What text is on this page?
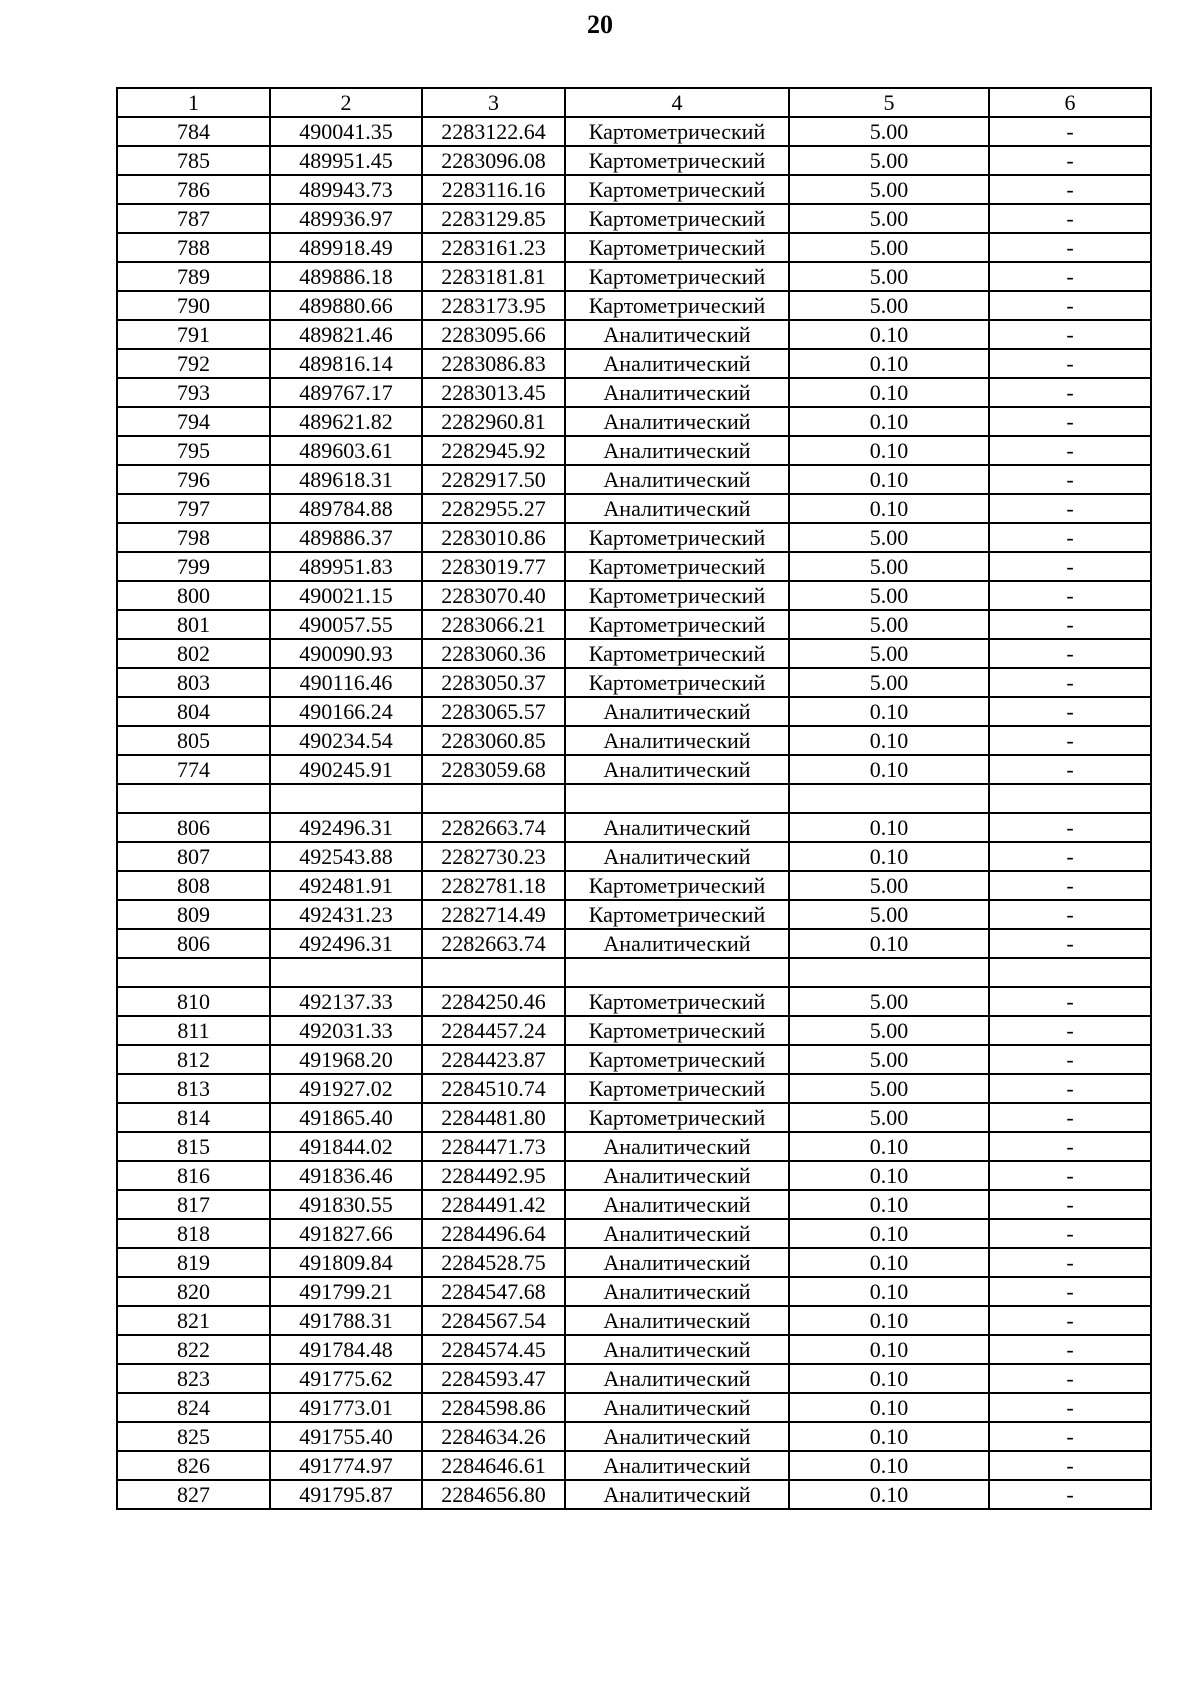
20
1	2	3	4	5	6
784	490041.35	2283122.64	Картометрический	5.00	-
785	489951.45	2283096.08	Картометрический	5.00	-
786	489943.73	2283116.16	Картометрический	5.00	-
787	489936.97	2283129.85	Картометрический	5.00	-
788	489918.49	2283161.23	Картометрический	5.00	-
789	489886.18	2283181.81	Картометрический	5.00	-
790	489880.66	2283173.95	Картометрический	5.00	-
791	489821.46	2283095.66	Аналитический	0.10	-
792	489816.14	2283086.83	Аналитический	0.10	-
793	489767.17	2283013.45	Аналитический	0.10	-
794	489621.82	2282960.81	Аналитический	0.10	-
795	489603.61	2282945.92	Аналитический	0.10	-
796	489618.31	2282917.50	Аналитический	0.10	-
797	489784.88	2282955.27	Аналитический	0.10	-
798	489886.37	2283010.86	Картометрический	5.00	-
799	489951.83	2283019.77	Картометрический	5.00	-
800	490021.15	2283070.40	Картометрический	5.00	-
801	490057.55	2283066.21	Картометрический	5.00	-
802	490090.93	2283060.36	Картометрический	5.00	-
803	490116.46	2283050.37	Картометрический	5.00	-
804	490166.24	2283065.57	Аналитический	0.10	-
805	490234.54	2283060.85	Аналитический	0.10	-
774	490245.91	2283059.68	Аналитический	0.10	-

806	492496.31	2282663.74	Аналитический	0.10	-
807	492543.88	2282730.23	Аналитический	0.10	-
808	492481.91	2282781.18	Картометрический	5.00	-
809	492431.23	2282714.49	Картометрический	5.00	-
806	492496.31	2282663.74	Аналитический	0.10	-

810	492137.33	2284250.46	Картометрический	5.00	-
811	492031.33	2284457.24	Картометрический	5.00	-
812	491968.20	2284423.87	Картометрический	5.00	-
813	491927.02	2284510.74	Картометрический	5.00	-
814	491865.40	2284481.80	Картометрический	5.00	-
815	491844.02	2284471.73	Аналитический	0.10	-
816	491836.46	2284492.95	Аналитический	0.10	-
817	491830.55	2284491.42	Аналитический	0.10	-
818	491827.66	2284496.64	Аналитический	0.10	-
819	491809.84	2284528.75	Аналитический	0.10	-
820	491799.21	2284547.68	Аналитический	0.10	-
821	491788.31	2284567.54	Аналитический	0.10	-
822	491784.48	2284574.45	Аналитический	0.10	-
823	491775.62	2284593.47	Аналитический	0.10	-
824	491773.01	2284598.86	Аналитический	0.10	-
825	491755.40	2284634.26	Аналитический	0.10	-
826	491774.97	2284646.61	Аналитический	0.10	-
827	491795.87	2284656.80	Аналитический	0.10	-
